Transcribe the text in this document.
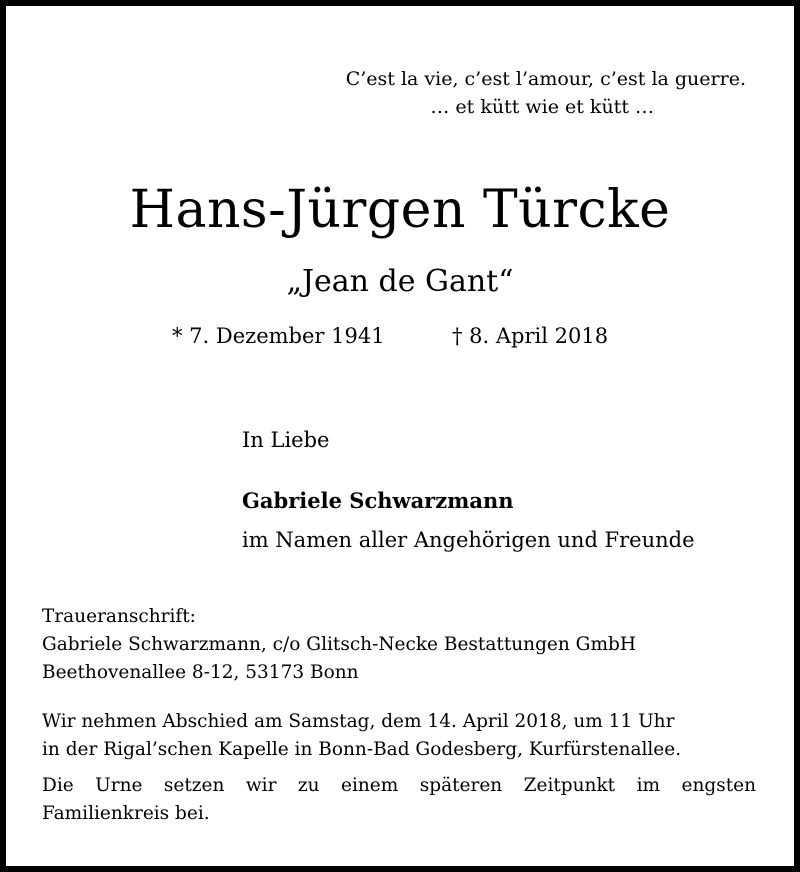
C’est la vie, c’est l’amour, c’est la guerre.
… et kütt wie et kütt …
Hans-Jürgen Türcke
„Jean de Gant“
* 7. Dezember 1941	† 8. April 2018
In Liebe
Gabriele Schwarzmann
im Namen aller Angehörigen und Freunde
Traueranschrift:
Gabriele Schwarzmann, c/o Glitsch-Necke Bestattungen GmbH
Beethovenallee 8-12, 53173 Bonn
Wir nehmen Abschied am Samstag, dem 14. April 2018, um 11 Uhr
in der Rigal’schen Kapelle in Bonn-Bad Godesberg, Kurfürstenallee.
Die Urne setzen wir zu einem späteren Zeitpunkt im engsten
Familienkreis bei.
